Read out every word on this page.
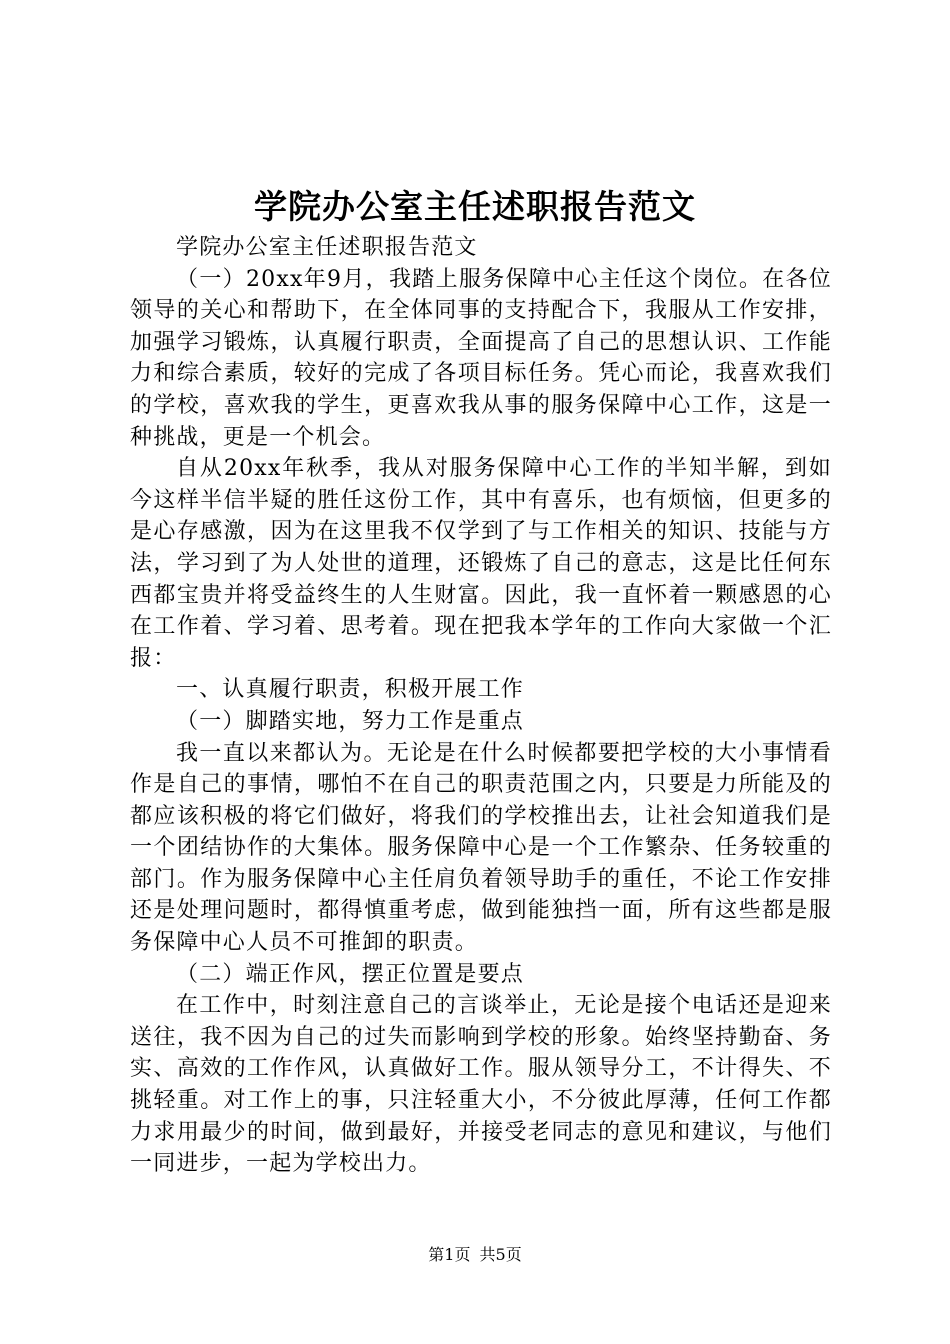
学院办公室主任述职报告范文

学院办公室主任述职报告范文

（一）20xx年9月，我踏上服务保障中心主任这个岗位。在各位领导的关心和帮助下，在全体同事的支持配合下，我服从工作安排，加强学习锻炼，认真履行职责，全面提高了自己的思想认识、工作能力和综合素质，较好的完成了各项目标任务。凭心而论，我喜欢我们的学校，喜欢我的学生，更喜欢我从事的服务保障中心工作，这是一种挑战，更是一个机会。

自从20xx年秋季，我从对服务保障中心工作的半知半解，到如今这样半信半疑的胜任这份工作，其中有喜乐，也有烦恼，但更多的是心存感激，因为在这里我不仅学到了与工作相关的知识、技能与方法，学习到了为人处世的道理，还锻炼了自己的意志，这是比任何东西都宝贵并将受益终生的人生财富。因此，我一直怀着一颗感恩的心在工作着、学习着、思考着。现在把我本学年的工作向大家做一个汇报：

一、认真履行职责，积极开展工作

（一）脚踏实地，努力工作是重点

我一直以来都认为。无论是在什么时候都要把学校的大小事情看作是自己的事情，哪怕不在自己的职责范围之内，只要是力所能及的都应该积极的将它们做好，将我们的学校推出去，让社会知道我们是一个团结协作的大集体。服务保障中心是一个工作繁杂、任务较重的部门。作为服务保障中心主任肩负着领导助手的重任，不论工作安排还是处理问题时，都得慎重考虑，做到能独挡一面，所有这些都是服务保障中心人员不可推卸的职责。

（二）端正作风，摆正位置是要点

在工作中，时刻注意自己的言谈举止，无论是接个电话还是迎来送往，我不因为自己的过失而影响到学校的形象。始终坚持勤奋、务实、高效的工作作风，认真做好工作。服从领导分工，不计得失、不挑轻重。对工作上的事，只注轻重大小，不分彼此厚薄，任何工作都力求用最少的时间，做到最好，并接受老同志的意见和建议，与他们一同进步，一起为学校出力。

第1页 共5页
